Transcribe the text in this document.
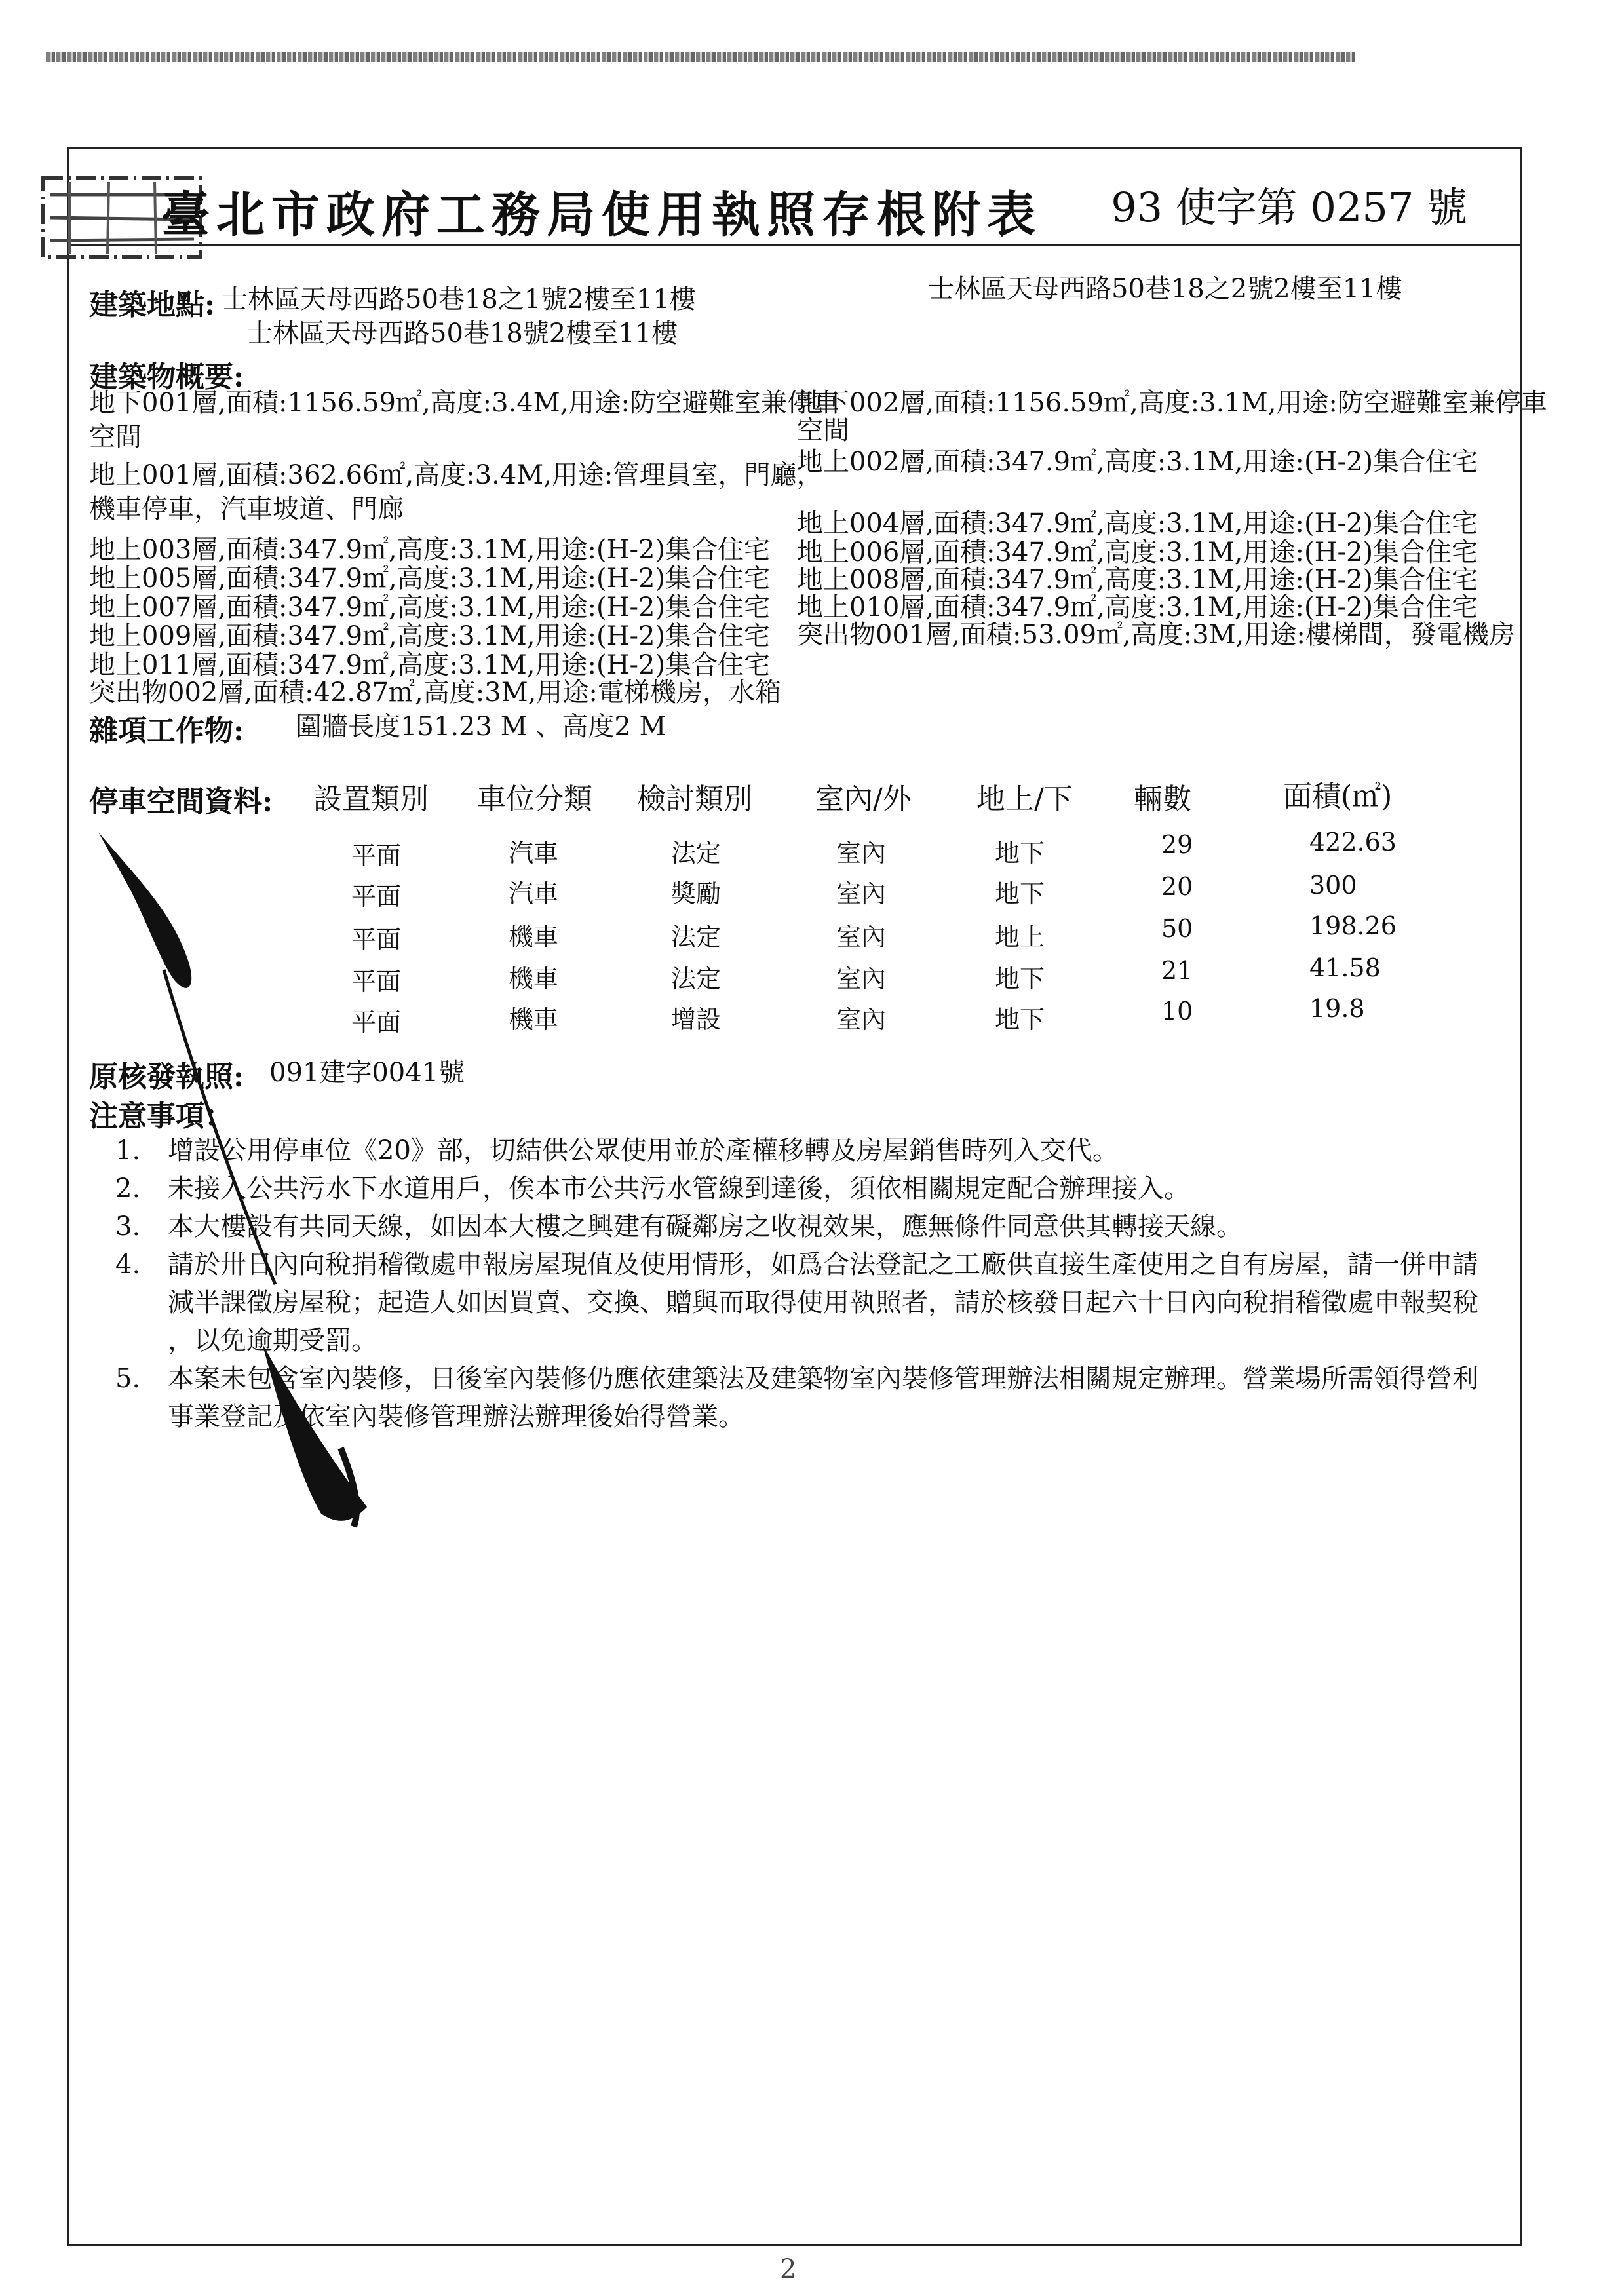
臺北市政府工務局使用執照存根附表 93 使字第 0257 號
建築地點: 士林區天母西路50巷18之1號2樓至11樓
士林區天母西路50巷18號2樓至11樓
士林區天母西路50巷18之2號2樓至11樓
建築物概要:
地下001層,面積:1156.59㎡,高度:3.4M,用途:防空避難室兼停車
空間
地上001層,面積:362.66㎡,高度:3.4M,用途:管理員室，門廳，
機車停車，汽車坡道、門廊
地上003層,面積:347.9㎡,高度:3.1M,用途:(H-2)集合住宅
地上005層,面積:347.9㎡,高度:3.1M,用途:(H-2)集合住宅
地上007層,面積:347.9㎡,高度:3.1M,用途:(H-2)集合住宅
地上009層,面積:347.9㎡,高度:3.1M,用途:(H-2)集合住宅
地上011層,面積:347.9㎡,高度:3.1M,用途:(H-2)集合住宅
突出物002層,面積:42.87㎡,高度:3M,用途:電梯機房，水箱
地下002層,面積:1156.59㎡,高度:3.1M,用途:防空避難室兼停車
空間
地上002層,面積:347.9㎡,高度:3.1M,用途:(H-2)集合住宅
地上004層,面積:347.9㎡,高度:3.1M,用途:(H-2)集合住宅
地上006層,面積:347.9㎡,高度:3.1M,用途:(H-2)集合住宅
地上008層,面積:347.9㎡,高度:3.1M,用途:(H-2)集合住宅
地上010層,面積:347.9㎡,高度:3.1M,用途:(H-2)集合住宅
突出物001層,面積:53.09㎡,高度:3M,用途:樓梯間，發電機房
雜項工作物: 圍牆長度151.23 M 、高度2 M
停車空間資料: 設置類別 車位分類 檢討類別 室內/外 地上/下 輛數	面積(㎡)
平面	汽車	法定	室內	地下	29	422.63
平面	汽車	獎勵	室內	地下	20	300
平面	機車	法定	室內	地上	50	198.26
平面	機車	法定	室內	地下	21	41.58
平面	機車	增設	室內	地下	10	19.8
原核發執照: 091建字0041號
注意事項：
1. 增設公用停車位《20》部，切結供公眾使用並於產權移轉及房屋銷售時列入交代。
2. 未接入公共污水下水道用戶，俟本市公共污水管線到達後，須依相關規定配合辦理接入。
3. 本大樓設有共同天線，如因本大樓之興建有礙鄰房之收視效果，應無條件同意供其轉接天線。
4. 請於卅日內向稅捐稽徵處申報房屋現值及使用情形，如爲合法登記之工廠供直接生產使用之自有房屋，請一併申請
減半課徵房屋稅；起造人如因買賣、交換、贈與而取得使用執照者，請於核發日起六十日內向稅捐稽徵處申報契稅
，以免逾期受罰。
5. 本案未包含室內裝修，日後室內裝修仍應依建築法及建築物室內裝修管理辦法相關規定辦理。營業場所需領得營利
事業登記及依室內裝修管理辦法辦理後始得營業。
2
